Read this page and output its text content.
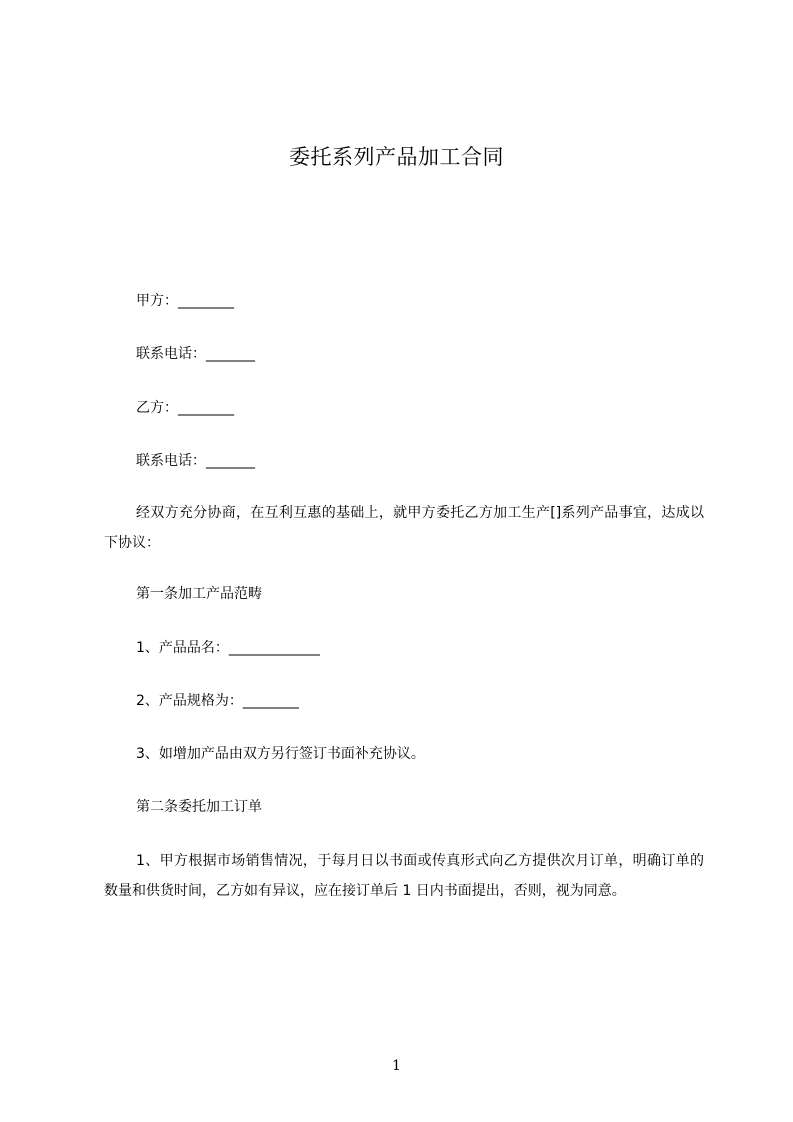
委托系列产品加工合同
甲方：________
联系电话：_______
乙方：________
联系电话：_______
经双方充分协商，在互利互惠的基础上，就甲方委托乙方加工生产[]系列产品事宜，达成以下协议：
第一条加工产品范畴
1、产品品名：_____________
2、产品规格为：________
3、如增加产品由双方另行签订书面补充协议。
第二条委托加工订单
1、甲方根据市场销售情况，于每月日以书面或传真形式向乙方提供次月订单，明确订单的数量和供货时间，乙方如有异议，应在接订单后 1 日内书面提出，否则，视为同意。
1
